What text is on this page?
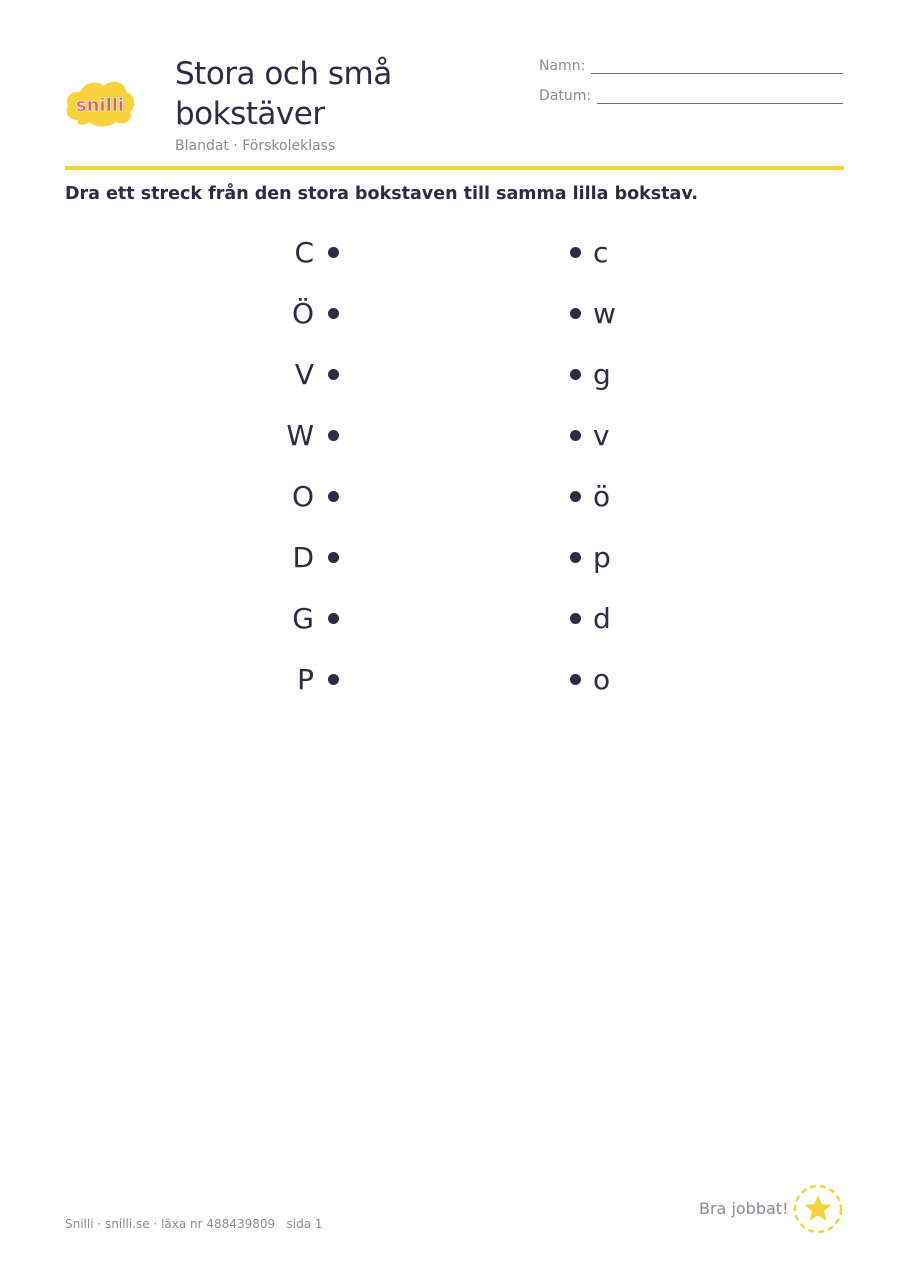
snilli
Stora och små bokstäver
Blandat · Förskoleklass
Namn:
Datum:
Dra ett streck från den stora bokstaven till samma lilla bokstav.
C	c
Ö	w
V	g
W	v
O	ö
D	p
G	d
P	o
Snilli · snilli.se · läxa nr 488439809   sida 1
Bra jobbat!
